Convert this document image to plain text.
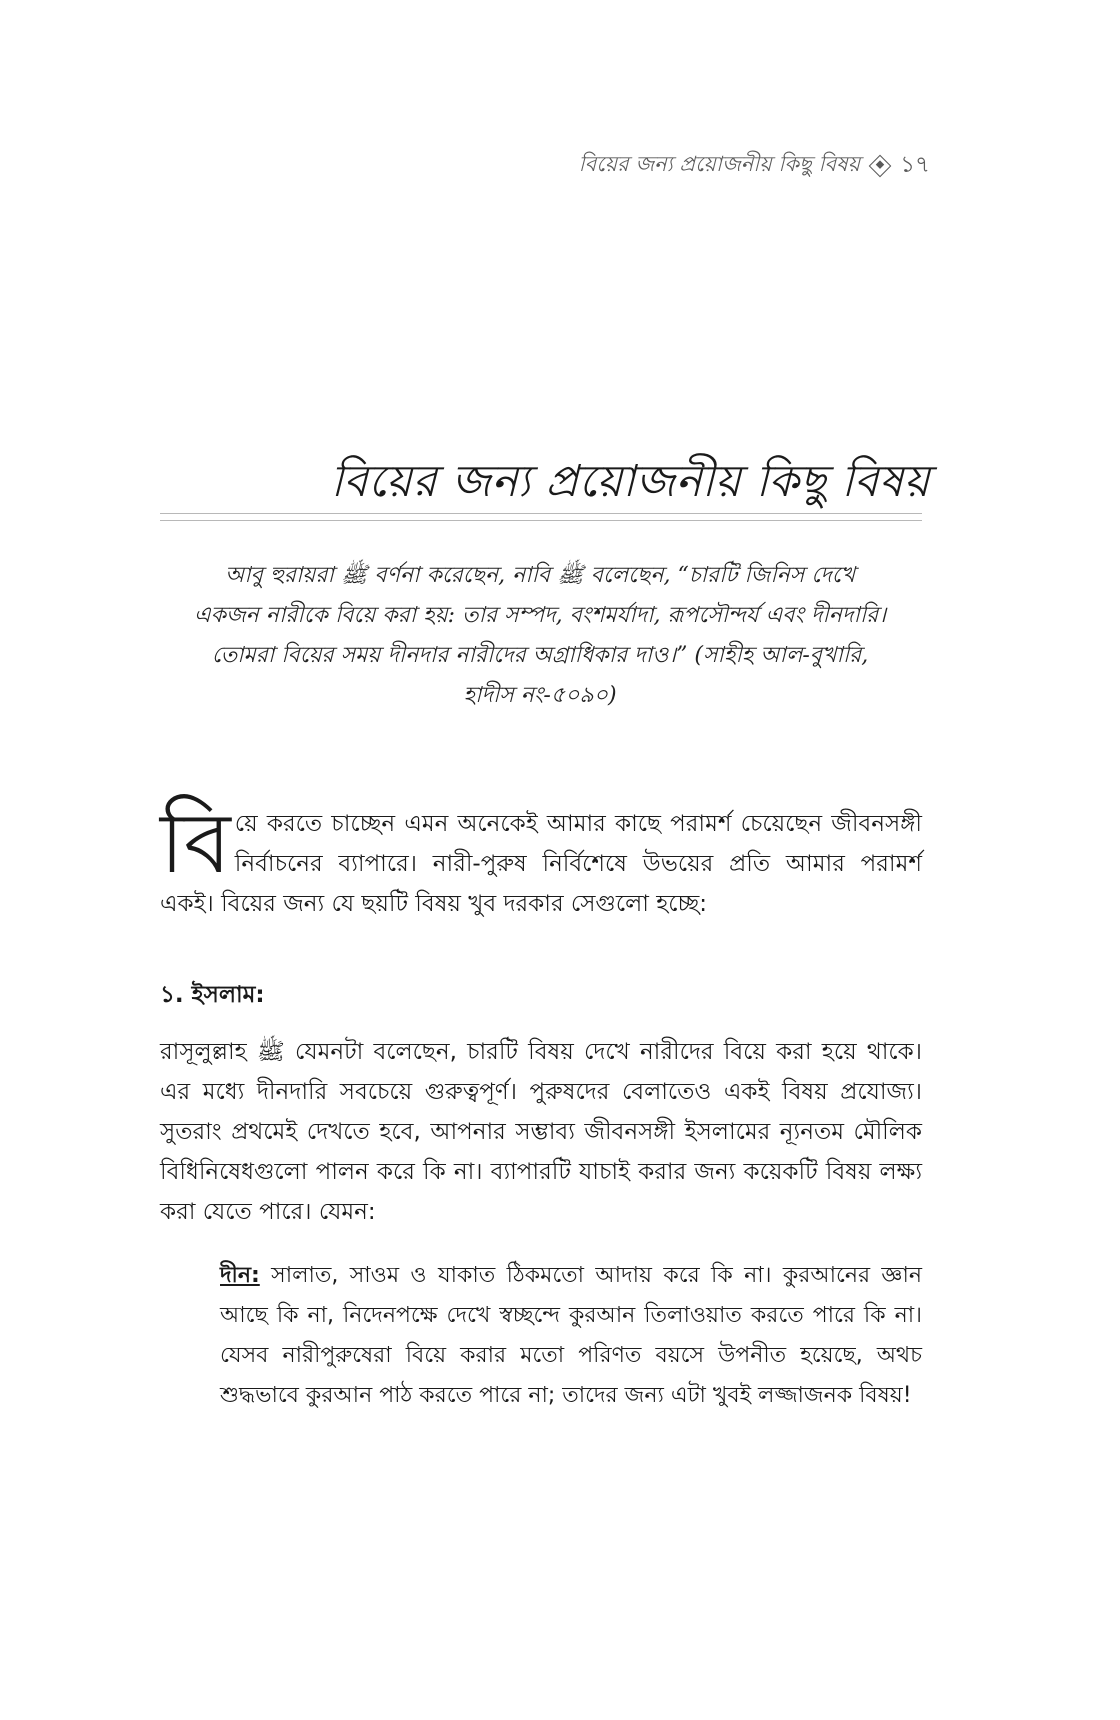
বিয়ের জন্য প্রয়োজনীয় কিছু বিষয় ১৭
বিয়ের জন্য প্রয়োজনীয় কিছু বিষয়
আবু হুরায়রা ﷺ বর্ণনা করেছেন, নাবি ﷺ বলেছেন, “চারটি জিনিস দেখে একজন নারীকে বিয়ে করা হয়: তার সম্পদ, বংশমর্যাদা, রূপসৌন্দর্য এবং দীনদারি। তোমরা বিয়ের সময় দীনদার নারীদের অগ্রাধিকার দাও।” (সাহীহ আল-বুখারি, হাদীস নং-৫০৯০)
বি য়ে করতে চাচ্ছেন এমন অনেকেই আমার কাছে পরামর্শ চেয়েছেন জীবনসঙ্গী নির্বাচনের ব্যাপারে। নারী-পুরুষ নির্বিশেষে উভয়ের প্রতি আমার পরামর্শ একই। বিয়ের জন্য যে ছয়টি বিষয় খুব দরকার সেগুলো হচ্ছে:
১. ইসলাম:
রাসূলুল্লাহ ﷺ যেমনটা বলেছেন, চারটি বিষয় দেখে নারীদের বিয়ে করা হয়ে থাকে। এর মধ্যে দীনদারি সবচেয়ে গুরুত্বপূর্ণ। পুরুষদের বেলাতেও একই বিষয় প্রযোজ্য। সুতরাং প্রথমেই দেখতে হবে, আপনার সম্ভাব্য জীবনসঙ্গী ইসলামের ন্যূনতম মৌলিক বিধিনিষেধগুলো পালন করে কি না। ব্যাপারটি যাচাই করার জন্য কয়েকটি বিষয় লক্ষ্য করা যেতে পারে। যেমন:
দীন: সালাত, সাওম ও যাকাত ঠিকমতো আদায় করে কি না। কুরআনের জ্ঞান আছে কি না, নিদেনপক্ষে দেখে স্বচ্ছন্দে কুরআন তিলাওয়াত করতে পারে কি না। যেসব নারীপুরুষেরা বিয়ে করার মতো পরিণত বয়সে উপনীত হয়েছে, অথচ শুদ্ধভাবে কুরআন পাঠ করতে পারে না; তাদের জন্য এটা খুবই লজ্জাজনক বিষয়!
